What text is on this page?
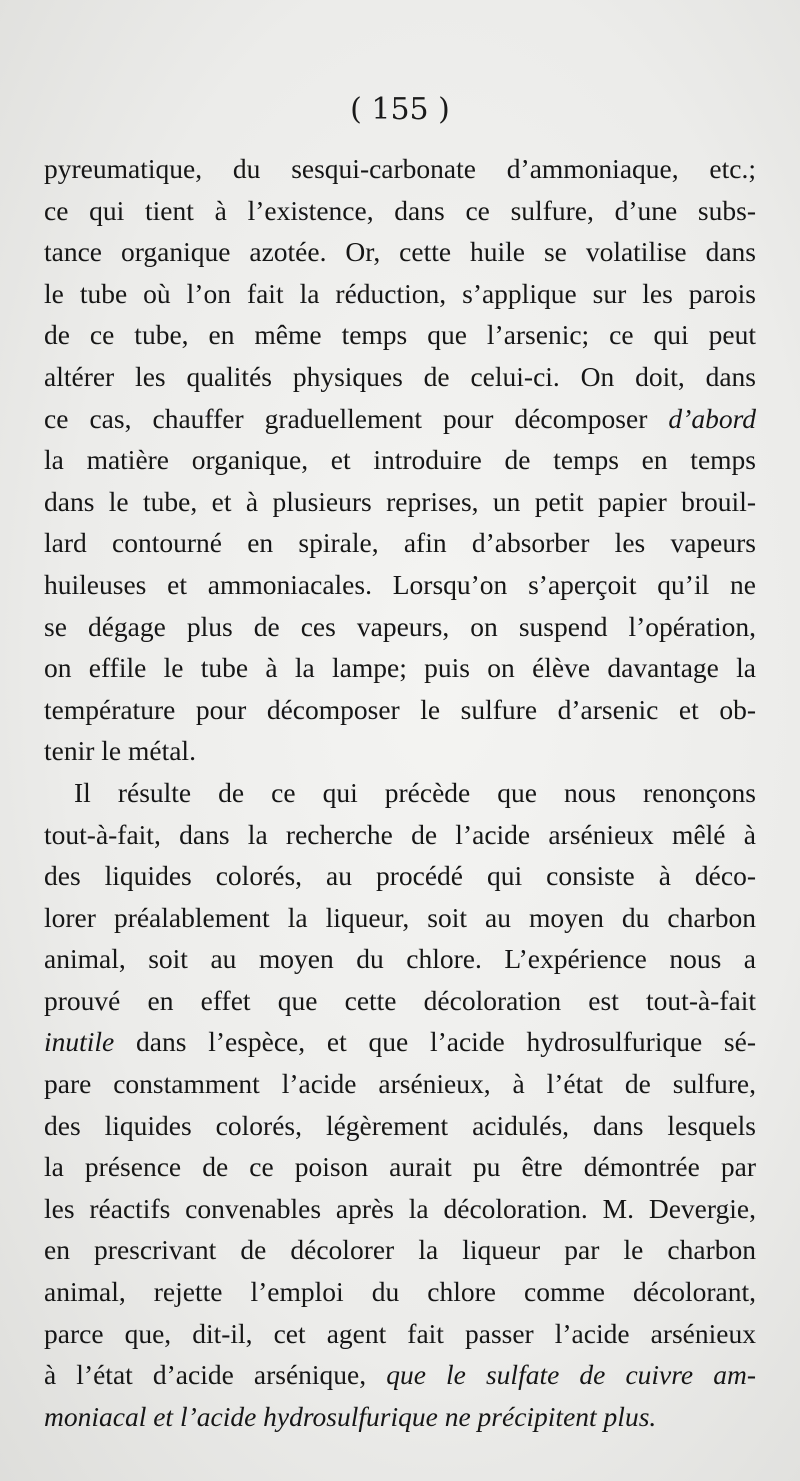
( 155 )
pyreumatique, du sesqui-carbonate d’ammoniaque, etc.;
ce qui tient à l’existence, dans ce sulfure, d’une subs-
tance organique azotée. Or, cette huile se volatilise dans
le tube où l’on fait la réduction, s’applique sur les parois
de ce tube, en même temps que l’arsenic; ce qui peut
altérer les qualités physiques de celui-ci. On doit, dans
ce cas, chauffer graduellement pour décomposer d’abord
la matière organique, et introduire de temps en temps
dans le tube, et à plusieurs reprises, un petit papier brouil-
lard contourné en spirale, afin d’absorber les vapeurs
huileuses et ammoniacales. Lorsqu’on s’aperçoit qu’il ne
se dégage plus de ces vapeurs, on suspend l’opération,
on effile le tube à la lampe; puis on élève davantage la
température pour décomposer le sulfure d’arsenic et ob-
tenir le métal.
Il résulte de ce qui précède que nous renonçons
tout-à-fait, dans la recherche de l’acide arsénieux mêlé à
des liquides colorés, au procédé qui consiste à déco-
lorer préalablement la liqueur, soit au moyen du charbon
animal, soit au moyen du chlore. L’expérience nous a
prouvé en effet que cette décoloration est tout-à-fait
inutile dans l’espèce, et que l’acide hydrosulfurique sé-
pare constamment l’acide arsénieux, à l’état de sulfure,
des liquides colorés, légèrement acidulés, dans lesquels
la présence de ce poison aurait pu être démontrée par
les réactifs convenables après la décoloration. M. Devergie,
en prescrivant de décolorer la liqueur par le charbon
animal, rejette l’emploi du chlore comme décolorant,
parce que, dit-il, cet agent fait passer l’acide arsénieux
à l’état d’acide arsénique, que le sulfate de cuivre am-
moniacal et l’acide hydrosulfurique ne précipitent plus.
